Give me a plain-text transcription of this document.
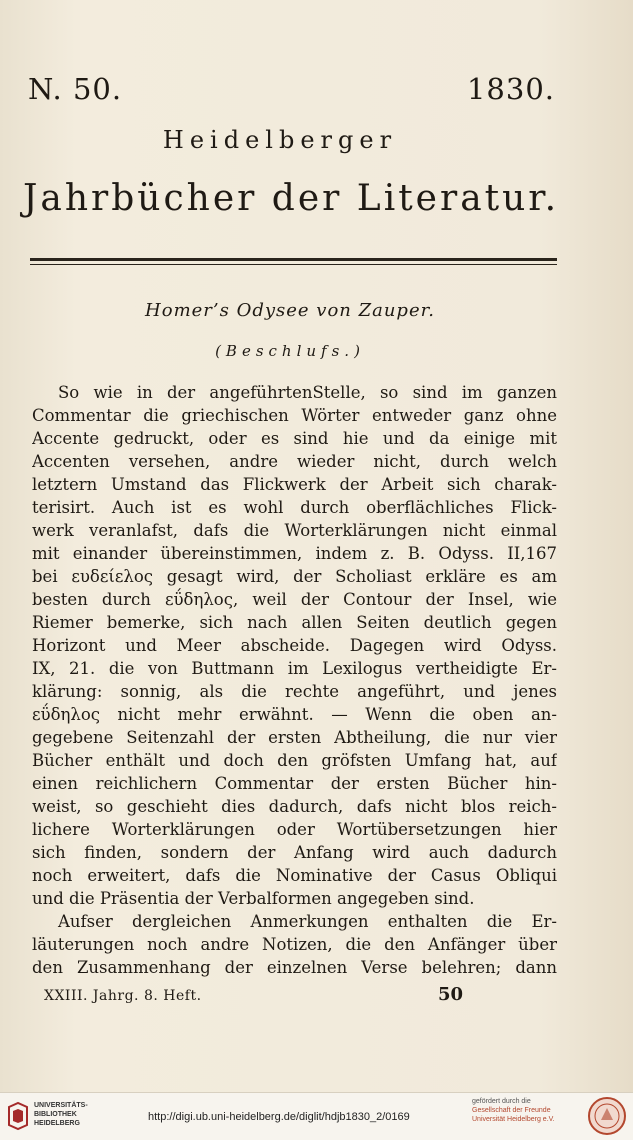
N. 50.	1830.
Heidelberger
Jahrbücher der Literatur.
Homer’s Odysee von Zauper.
(Beschlufs.)
So wie in der angeführtenStelle, so sind im ganzen
Commentar die griechischen Wörter entweder ganz ohne
Accente gedruckt, oder es sind hie und da einige mit
Accenten versehen, andre wieder nicht, durch welch
letztern Umstand das Flickwerk der Arbeit sich charak-
terisirt. Auch ist es wohl durch oberflächliches Flick-
werk veranlafst, dafs die Worterklärungen nicht einmal
mit einander übereinstimmen, indem z. B. Odyss. II,167
bei ευδείελος gesagt wird, der Scholiast erkläre es am
besten durch εΰδηλος, weil der Contour der Insel, wie
Riemer bemerke, sich nach allen Seiten deutlich gegen
Horizont und Meer abscheide. Dagegen wird Odyss.
IX, 21. die von Buttmann im Lexilogus vertheidigte Er-
klärung: sonnig, als die rechte angeführt, und jenes
εΰδηλος nicht mehr erwähnt. — Wenn die oben an-
gegebene Seitenzahl der ersten Abtheilung, die nur vier
Bücher enthält und doch den gröfsten Umfang hat, auf
einen reichlichern Commentar der ersten Bücher hin-
weist, so geschieht dies dadurch, dafs nicht blos reich-
lichere Worterklärungen oder Wortübersetzungen hier
sich finden, sondern der Anfang wird auch dadurch
noch erweitert, dafs die Nominative der Casus Obliqui
und die Präsentia der Verbalformen angegeben sind.
Aufser dergleichen Anmerkungen enthalten die Er-
läuterungen noch andre Notizen, die den Anfänger über
den Zusammenhang der einzelnen Verse belehren; dann
XXIII. Jahrg. 8. Heft.	50
UNIVERSITÄTS-
BIBLIOTHEK
HEIDELBERG
http://digi.ub.uni-heidelberg.de/diglit/hdjb1830_2/0169
gefördert durch die
Gesellschaft der Freunde
Universität Heidelberg e.V.
